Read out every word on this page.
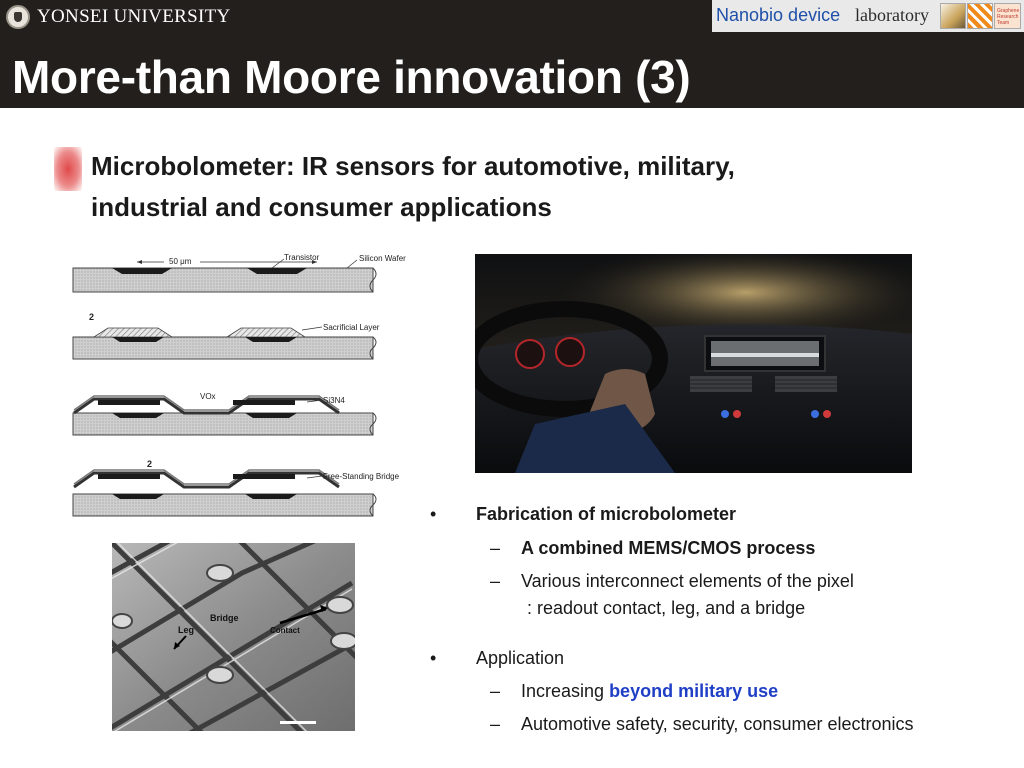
YONSEI UNIVERSITY	Nanobio device laboratory	Graphene Research Team
More-than Moore innovation (3)
Microbolometer: IR sensors for automotive, military,
industrial and consumer applications
50 μm	Transistor	Silicon Wafer
2
Sacrificial Layer
VOx	Si3N4
2
Free-Standing Bridge
Bridge
Leg	Contact
• Fabrication of microbolometer
– A combined MEMS/CMOS process
– Various interconnect elements of the pixel
: readout contact, leg, and a bridge
• Application
– Increasing beyond military use
– Automotive safety, security, consumer electronics
